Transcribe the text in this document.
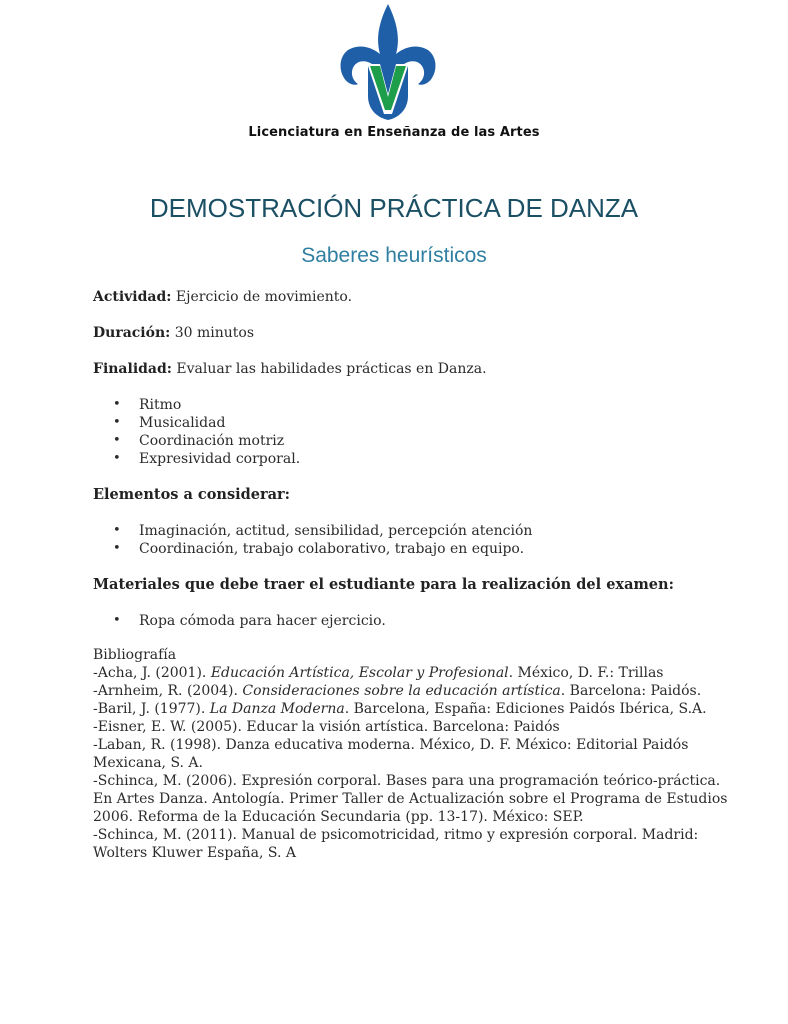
Licenciatura en Enseñanza de las Artes
DEMOSTRACIÓN PRÁCTICA DE DANZA
Saberes heurísticos

Actividad: Ejercicio de movimiento.

Duración: 30 minutos

Finalidad: Evaluar las habilidades prácticas en Danza.

• Ritmo
• Musicalidad
• Coordinación motriz
• Expresividad corporal.

Elementos a considerar:

• Imaginación, actitud, sensibilidad, percepción atención
• Coordinación, trabajo colaborativo, trabajo en equipo.

Materiales que debe traer el estudiante para la realización del examen:

• Ropa cómoda para hacer ejercicio.

Bibliografía

-Acha, J. (2001). Educación Artística, Escolar y Profesional. México, D. F.: Trillas

-Arnheim, R. (2004). Consideraciones sobre la educación artística. Barcelona: Paidós.

-Baril, J. (1977). La Danza Moderna. Barcelona, España: Ediciones Paidós Ibérica, S.A.

-Eisner, E. W. (2005). Educar la visión artística. Barcelona: Paidós

-Laban, R. (1998). Danza educativa moderna. México, D. F. México: Editorial Paidós Mexicana, S. A.

-Schinca, M. (2006). Expresión corporal. Bases para una programación teórico-práctica. En Artes Danza. Antología. Primer Taller de Actualización sobre el Programa de Estudios 2006. Reforma de la Educación Secundaria (pp. 13-17). México: SEP.

-Schinca, M. (2011). Manual de psicomotricidad, ritmo y expresión corporal. Madrid: Wolters Kluwer España, S. A
